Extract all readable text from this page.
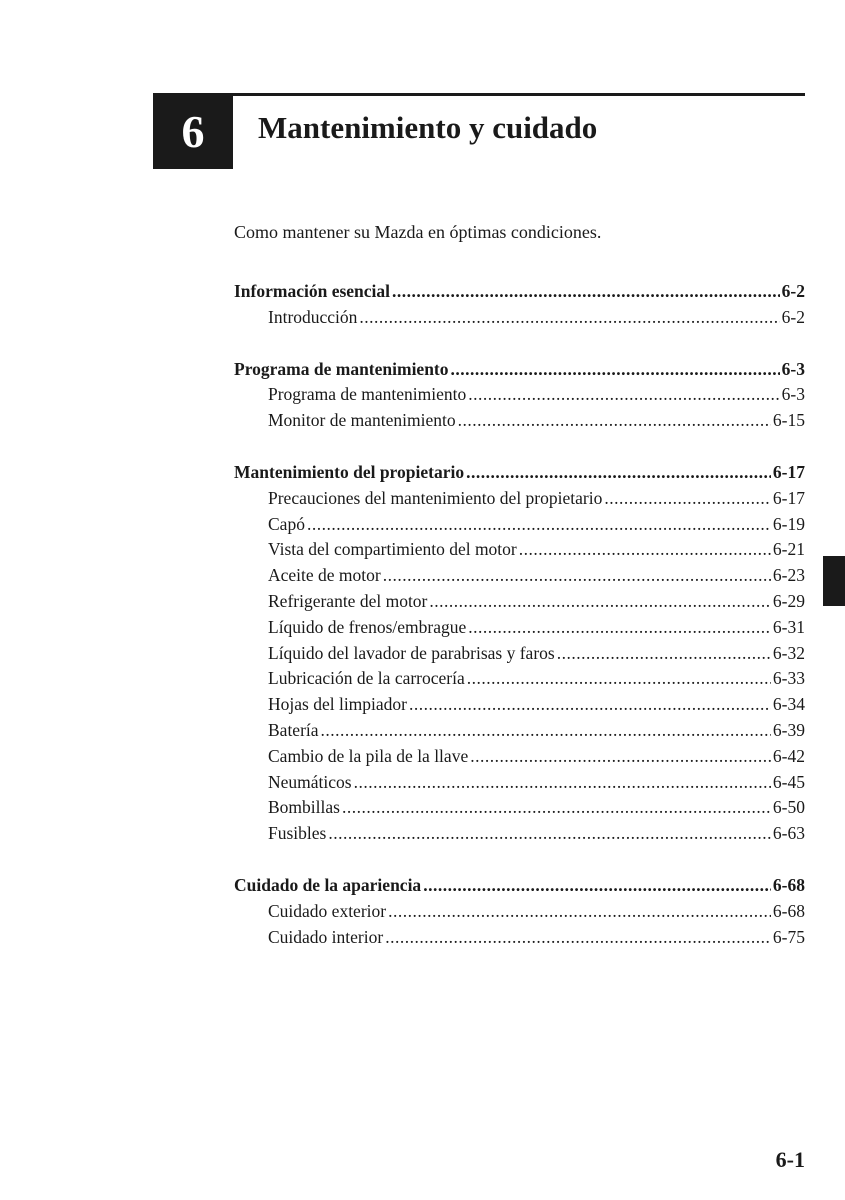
6 Mantenimiento y cuidado
Como mantener su Mazda en óptimas condiciones.
Información esencial .....	6-2
Introducción .....	6-2
Programa de mantenimiento .....	6-3
Programa de mantenimiento .....	6-3
Monitor de mantenimiento .....	6-15
Mantenimiento del propietario .....	6-17
Precauciones del mantenimiento del propietario .....	6-17
Capó .....	6-19
Vista del compartimiento del motor .....	6-21
Aceite de motor .....	6-23
Refrigerante del motor .....	6-29
Líquido de frenos/embrague .....	6-31
Líquido del lavador de parabrisas y faros .....	6-32
Lubricación de la carrocería .....	6-33
Hojas del limpiador .....	6-34
Batería .....	6-39
Cambio de la pila de la llave .....	6-42
Neumáticos .....	6-45
Bombillas .....	6-50
Fusibles .....	6-63
Cuidado de la apariencia .....	6-68
Cuidado exterior .....	6-68
Cuidado interior .....	6-75
6-1
